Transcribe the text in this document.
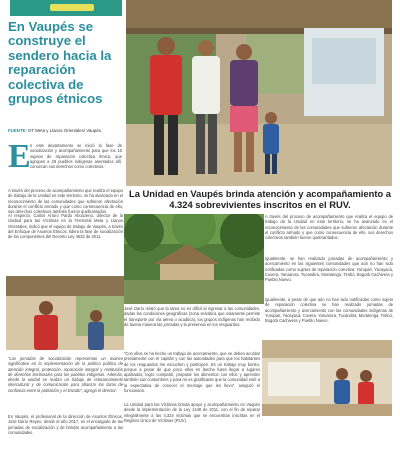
En Vaupés se construye el sendero hacia la reparación colectiva de grupos étnicos
FUENTE: DT Meta y Llanos Orientales/ Vaupés.
E n este departamento se inició la fase de socialización y acompañamiento para que los 10 sujetos de reparación colectiva étnica, que agrupan a 28 pueblos indígenas asentados allí, conozcan sus derechos como colectivos.

A través del proceso de acompañamiento que realiza el equipo de trabajo de la Unidad en este territorio, se ha avanzado en el reconocimiento de las comunidades que sufrieron afectación durante el conflicto armado y que como consecuencia de ello, sus derechos colectivos también fueron quebrantados.

Al respecto, Carlos Arturo Pardo Abouzeno, director de la Unidad para las Víctimas en la Territorial Meta y Llanos Orientales, indicó que el equipo de trabajo de Vaupés, a través del Enfoque de Asuntos Étnicos, lidera la fase de socialización de los componentes del Decreto Ley 4633 de 2011.

La Unidad en Vaupés brinda atención y acompañamiento a 4.324 sobrevivientes inscritos en el RUV.

A través del proceso de acompañamiento que realiza el equipo de trabajo de la Unidad en este territorio, se ha avanzado en el reconocimiento de las comunidades que sufrieron afectación durante el conflicto armado y que como consecuencia de ello, sus derechos colectivos también fueron quebrantados.

Igualmente, se han realizado jornadas de acompañamiento y acercamiento en las siguientes comunidades que aún no han sido notificadas como sujetos de reparación colectiva: Yurupari, Yacayacá, Cuvera, Yaruarura, Tucandira, Moratenga, Timbó, Bogotá Cachivera y Pueblo Nuevo.

Igualmente, a pesar de que aún no han sido notificadas como sujeto de reparación colectiva se han realizado jornadas de acompañamiento y acercamiento con las comunidades indígenas de Yurupari, Yacayacá, Cuvera, Yaruarura, Tucandira, Moratenga, Timbó, Bogotá Cachivera y Pueblo Nuevo.

José Darío relató que la tarea no es difícil al ingresar a las comunidades, dadas las condiciones geográficas (zona selvática que solamente permite el transporte por vía aérea o acuática), los grupos indígenas han recibido de buena manera las jornadas y la presencia en los resguardos.

“Con ellos se ha hecho un trabajo de acercamiento, que se deben acordar previamente con el capitán y con las autoridades para que los habitantes de los resguardos me escuchen y participen. Es un trabajo muy bonito, porque a pesar de que poco ellos en lancha fuera llegar a lugares apartados, logro compartir, preparar los alimentos con ellos y aprender también sus costumbres y para mí es gratificante que la comunidad esté a la expectativa de conocer el mensaje que les llevo”, aseguró el funcionario.

La Unidad para las Víctimas brinda apoyo y acompañamiento en Vaupés desde la implementación de la Ley 1448 de 2011, con el fin de reparar integralmente a las 4.324 víctimas que se encuentran inscritas en el Registro Único de Víctimas (RUV).

“Las jornadas de socialización representan un avance significativo en la implementación de la política pública de atención integral, protección, reparación integral y restitución de derechos territoriales para los pueblos indígenas. Además, desde la unidad se realiza un trabajo de relacionamiento intercultural y de comunicación para afianzar los lazos de confianza entre la población y el Estado”, agregó el director.

En Vaupés, el profesional de la dirección de Asuntos Étnicos, José Darío Reyes, desde el año 2017, es el encargado de las jornadas de socialización y de brindar acompañamiento a las comunidades.
